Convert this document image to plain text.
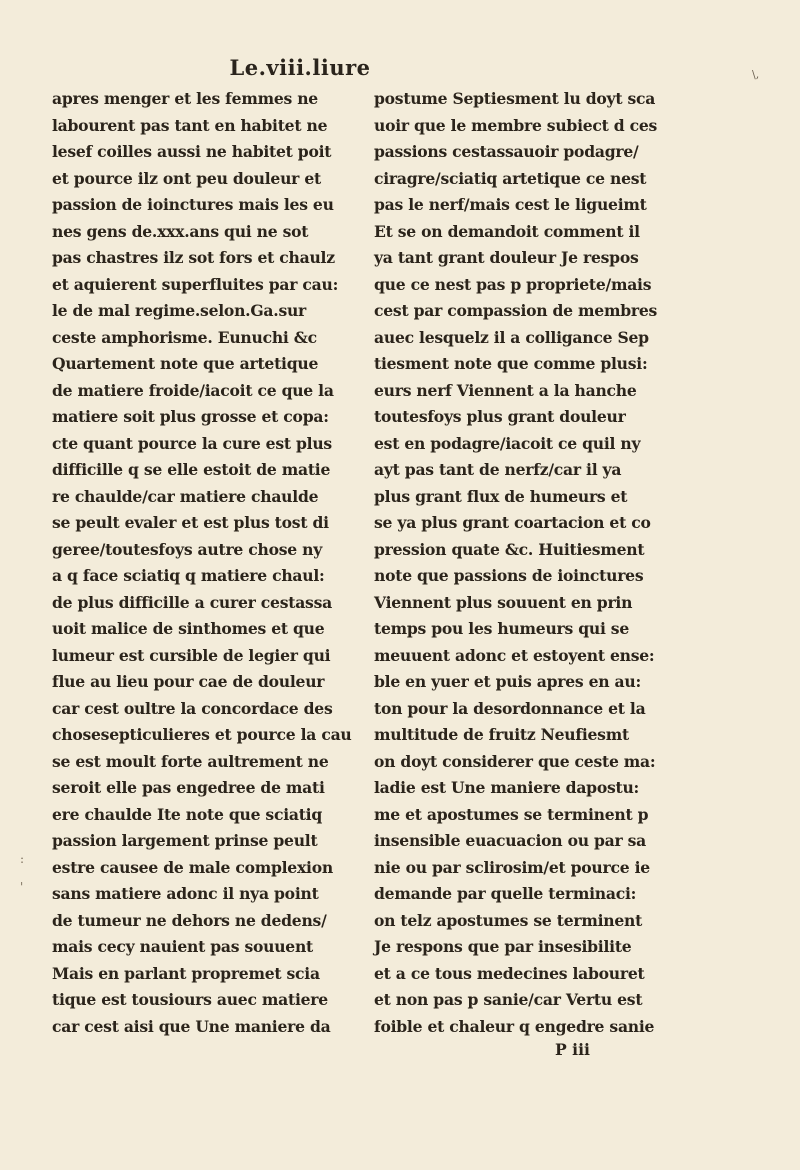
Le.viii.liure	\,
apres menger et les femmes ne
labourent pas tant en habitet ne
lesef coilles aussi ne habitet poit
et pource ilz ont peu douleur et
passion de ioinctures mais les eu
nes gens de.xxx.ans qui ne sot
pas chastres ilz sot fors et chaulz
et aquierent superfluites par cau:
le de mal regime.selon.Ga.sur
ceste amphorisme. Eunuchi &c
Quartement note que artetique
de matiere froide/iacoit ce que la
matiere soit plus grosse et copa:
cte quant pource la cure est plus
difficille q se elle estoit de matie
re chaulde/car matiere chaulde
se peult evaler et est plus tost di
geree/toutesfoys autre chose ny
a q face sciatiq q matiere chaul:
de plus difficille a curer cestassa
uoit malice de sinthomes et que
lumeur est cursible de legier qui
flue au lieu pour cae de douleur
car cest oultre la concordace des
chosesepticulieres et pource la cau
se est moult forte aultrement ne
seroit elle pas engedree de mati
ere chaulde Ite note que sciatiq
passion largement prinse peult
estre causee de male complexion
sans matiere adonc il nya point
de tumeur ne dehors ne dedens/
mais cecy nauient pas souuent
Mais en parlant propremet scia
tique est tousiours auec matiere
car cest aisi que Une maniere da
postume Septiesment lu doyt sca
uoir que le membre subiect d ces
passions cestassauoir podagre/
ciragre/sciatiq artetique ce nest
pas le nerf/mais cest le ligueimt
Et se on demandoit comment il
ya tant grant douleur Je respos
que ce nest pas p propriete/mais
cest par compassion de membres
auec lesquelz il a colligance Sep
tiesment note que comme plusi:
eurs nerf Viennent a la hanche
toutesfoys plus grant douleur
est en podagre/iacoit ce quil ny
ayt pas tant de nerfz/car il ya
plus grant flux de humeurs et
se ya plus grant coartacion et co
pression quate &c. Huitiesment
note que passions de ioinctures
Viennent plus souuent en prin
temps pou les humeurs qui se
meuuent adonc et estoyent ense:
ble en yuer et puis apres en au:
ton pour la desordonnance et la
multitude de fruitz Neufiesmt
on doyt considerer que ceste ma:
ladie est Une maniere dapostu:
me et apostumes se terminent p
insensible euacuacion ou par sa
nie ou par sclirosim/et pource ie
demande par quelle terminaci:
on telz apostumes se terminent
Je respons que par insesibilite
et a ce tous medecines labouret
et non pas p sanie/car Vertu est
foible et chaleur q engedre sanie
P iii
:
'
